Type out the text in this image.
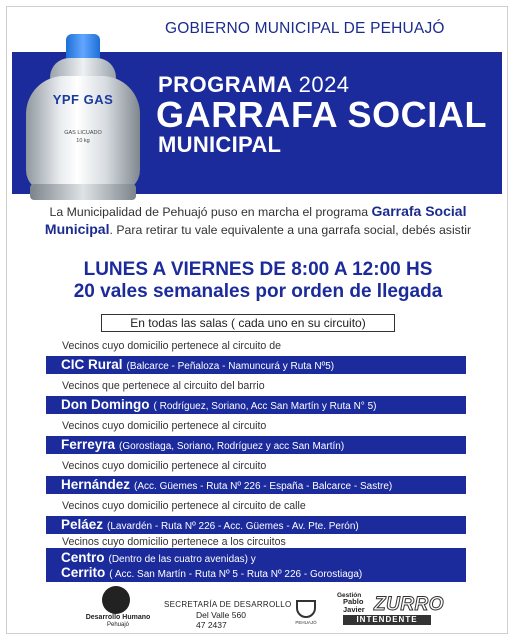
GOBIERNO MUNICIPAL DE PEHUAJÓ
YPF GAS
GAS LICUADO
10 kg
PROGRAMA 2024
GARRAFA SOCIAL
MUNICIPAL
La Municipalidad de Pehuajó puso en marcha el programa Garrafa Social Municipal. Para retirar tu vale equivalente a una garrafa social, debés asistir
LUNES A VIERNES DE 8:00 A 12:00 HS
20 vales semanales por orden de llegada
En todas las salas ( cada uno en su circuito)
Vecinos cuyo domicilio pertenece al circuito de
CIC Rural (Balcarce - Peñaloza - Namuncurá y Ruta Nº5)
Vecinos que pertenece al circuito del barrio
Don Domingo ( Rodríguez, Soriano, Acc San Martín y Ruta N° 5)
Vecinos cuyo domicilio pertenece al circuito
Ferreyra (Gorostiaga, Soriano, Rodríguez y acc San Martín)
Vecinos cuyo domicilio pertenece al circuito
Hernández (Acc. Güemes - Ruta Nº 226 - España - Balcarce - Sastre)
Vecinos cuyo domicilio pertenece al circuito de calle
Peláez (Lavardén - Ruta Nº 226 - Acc. Güemes - Av. Pte. Perón)
Vecinos cuyo domicilio pertenece a los circuitos
Centro (Dentro de las cuatro avenidas) y
Cerrito ( Acc. San Martín - Ruta Nº 5 - Ruta Nº 226 - Gorostiaga)
Desarrollo Humano
Pehuajó
SECRETARÍA DE DESARROLLO
Del Valle 560
47 2437	PEHUAJÓ
Gestión
Pablo
Javier ZURRO
INTENDENTE
